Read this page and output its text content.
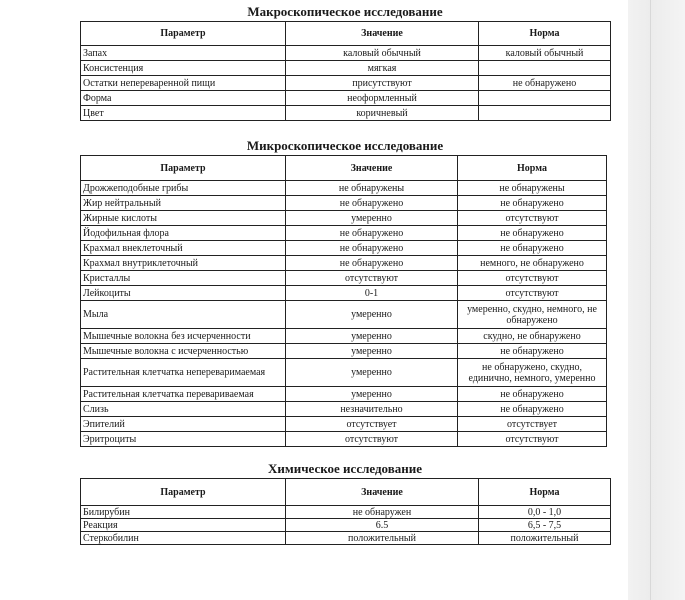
Макроскопическое исследование
Параметр	Значение	Норма
Запах	каловый обычный	каловый обычный
Консистенция	мягкая	
Остатки непереваренной пищи	присутствуют	не обнаружено
Форма	неоформленный	
Цвет	коричневый	
Микроскопическое исследование
Параметр	Значение	Норма
Дрожжеподобные грибы	не обнаружены	не обнаружены
Жир нейтральный	не обнаружено	не обнаружено
Жирные кислоты	умеренно	отсутствуют
Йодофильная флора	не обнаружено	не обнаружено
Крахмал внеклеточный	не обнаружено	не обнаружено
Крахмал внутриклеточный	не обнаружено	немного, не обнаружено
Кристаллы	отсутствуют	отсутствуют
Лейкоциты	0-1	отсутствуют
Мыла	умеренно	умеренно, скудно, немного, не обнаружено
Мышечные волокна без исчерченности	умеренно	скудно, не обнаружено
Мышечные волокна с исчерченностью	умеренно	не обнаружено
Растительная клетчатка непереваримаемая	умеренно	не обнаружено, скудно, единично, немного, умеренно
Растительная клетчатка перевариваемая	умеренно	не обнаружено
Слизь	незначительно	не обнаружено
Эпителий	отсутствует	отсутствует
Эритроциты	отсутствуют	отсутствуют
Химическое исследование
Параметр	Значение	Норма
Билирубин	не обнаружен	0,0 - 1,0
Реакция	6.5	6,5 - 7,5
Стеркобилин	положительный	положительный
